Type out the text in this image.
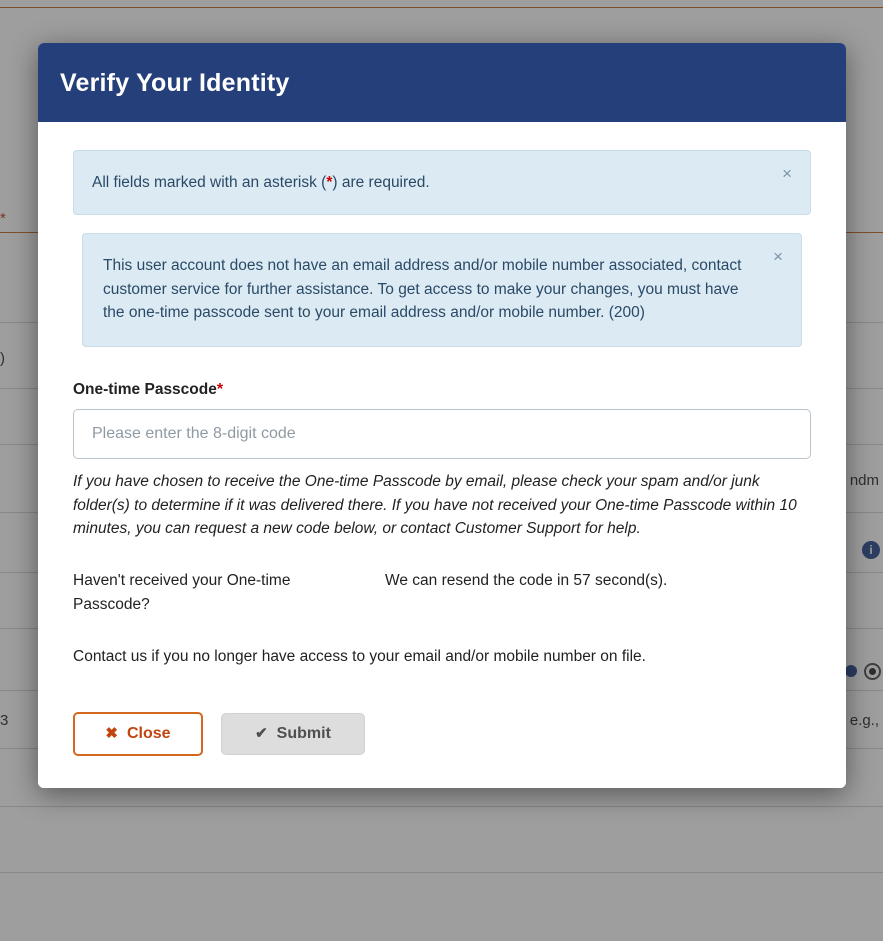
*
)
3
ndm
e.g.,
i
Verify Your Identity
All fields marked with an asterisk (*) are required.	×
This user account does not have an email address and/or mobile number associated, contact customer service for further assistance. To get access to make your changes, you must have the one-time passcode sent to your email address and/or mobile number. (200)
×
One-time Passcode*
Please enter the 8-digit code

If you have chosen to receive the One-time Passcode by email, please check your spam and/or junk folder(s) to determine if it was delivered there. If you have not received your One-time Passcode within 10 minutes, you can request a new code below, or contact Customer Support for help.

Haven't received your One-time Passcode?
We can resend the code in 57 second(s).
Contact us if you no longer have access to your email and/or mobile number on file.
✖ Close	✔ Submit
